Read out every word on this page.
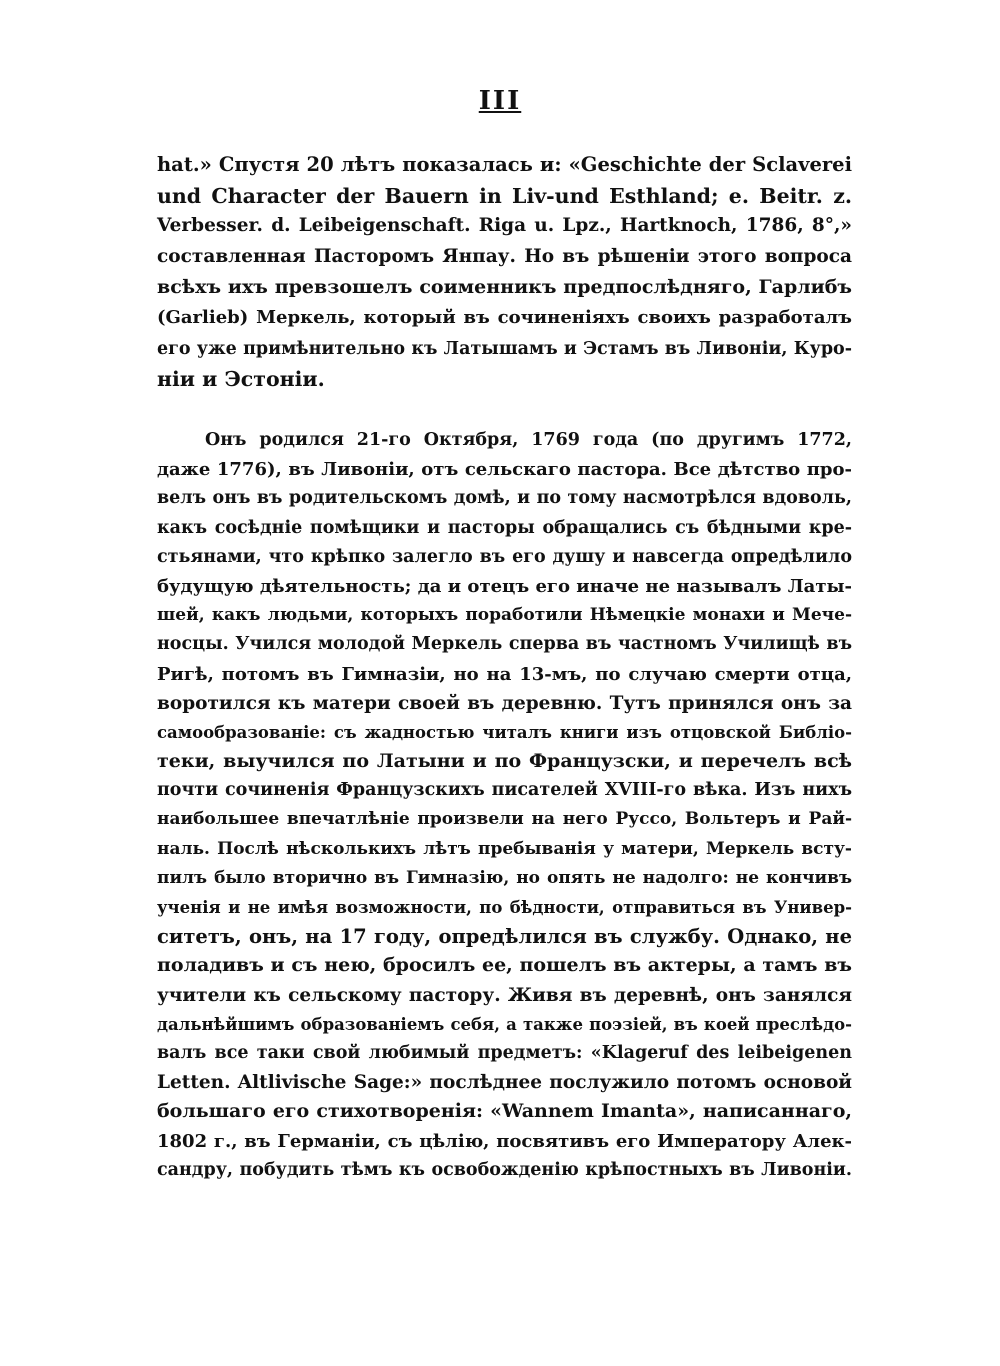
III
hat.» Спустя 20 лѣтъ показалась и: «Geschichte der Sclaverei
und Character der Bauern in Liv-und Esthland; e. Beitr. z.
Verbesser. d. Leibeigenschaft. Riga u. Lpz., Hartknoch, 1786, 8°,»
составленная Пасторомъ Янпау. Но въ рѣшеніи этого вопроса
всѣхъ ихъ превзошелъ соименникъ предпослѣдняго, Гарлибъ
(Garlieb) Меркель, который въ сочиненіяхъ своихъ разработалъ
его уже примѣнительно къ Латышамъ и Эстамъ въ Ливоніи, Куро-
ніи и Эстоніи.
Онъ родился 21-го Октября, 1769 года (по другимъ 1772,
даже 1776), въ Ливоніи, отъ сельскаго пастора. Все дѣтство про-
велъ онъ въ родительскомъ домѣ, и по тому насмотрѣлся вдоволь,
какъ сосѣдніе помѣщики и пасторы обращались съ бѣдными кре-
стьянами, что крѣпко залегло въ его душу и навсегда опредѣлило
будущую дѣятельность; да и отецъ его иначе не называлъ Латы-
шей, какъ людьми, которыхъ поработили Нѣмецкіе монахи и Мече-
носцы. Учился молодой Меркель сперва въ частномъ Училищѣ въ
Ригѣ, потомъ въ Гимназіи, но на 13-мъ, по случаю смерти отца,
воротился къ матери своей въ деревню. Тутъ принялся онъ за
самообразованіе: съ жадностью читалъ книги изъ отцовской Библіо-
теки, выучился по Латыни и по Французски, и перечелъ всѣ
почти сочиненія Французскихъ писателей XVIII-го вѣка. Изъ нихъ
наибольшее впечатлѣніе произвели на него Руссо, Вольтеръ и Рай-
наль. Послѣ нѣсколькихъ лѣтъ пребыванія у матери, Меркель всту-
пилъ было вторично въ Гимназію, но опять не надолго: не кончивъ
ученія и не имѣя возможности, по бѣдности, отправиться въ Универ-
ситетъ, онъ, на 17 году, опредѣлился въ службу. Однако, не
поладивъ и съ нею, бросилъ ее, пошелъ въ актеры, а тамъ въ
учители къ сельскому пастору. Живя въ деревнѣ, онъ занялся
дальнѣйшимъ образованіемъ себя, а также поэзіей, въ коей преслѣдо-
валъ все таки свой любимый предметъ: «Klageruf des leibeigenen
Letten. Altlivische Sage:» послѣднее послужило потомъ основой
большаго его стихотворенія: «Wannem Imanta», написаннаго,
1802 г., въ Германіи, съ цѣлію, посвятивъ его Императору Алек-
сандру, побудить тѣмъ къ освобожденію крѣпостныхъ въ Ливоніи.
